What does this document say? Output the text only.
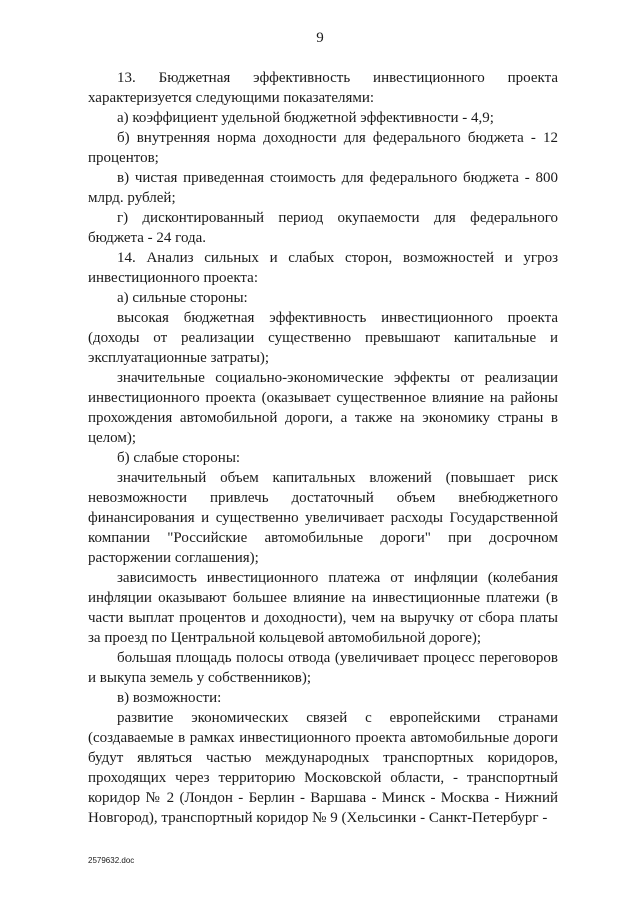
9

13. Бюджетная эффективность инвестиционного проекта характеризуется следующими показателями:

а) коэффициент удельной бюджетной эффективности - 4,9;

б) внутренняя норма доходности для федерального бюджета - 12 процентов;

в) чистая приведенная стоимость для федерального бюджета - 800 млрд. рублей;

г) дисконтированный период окупаемости для федерального бюджета - 24 года.

14. Анализ сильных и слабых сторон, возможностей и угроз инвестиционного проекта:

а) сильные стороны:

высокая бюджетная эффективность инвестиционного проекта (доходы от реализации существенно превышают капитальные и эксплуатационные затраты);

значительные социально-экономические эффекты от реализации инвестиционного проекта (оказывает существенное влияние на районы прохождения автомобильной дороги, а также на экономику страны в целом);

б) слабые стороны:

значительный объем капитальных вложений (повышает риск невозможности привлечь достаточный объем внебюджетного финансирования и существенно увеличивает расходы Государственной компании "Российские автомобильные дороги" при досрочном расторжении соглашения);

зависимость инвестиционного платежа от инфляции (колебания инфляции оказывают большее влияние на инвестиционные платежи (в части выплат процентов и доходности), чем на выручку от сбора платы за проезд по Центральной кольцевой автомобильной дороге);

большая площадь полосы отвода (увеличивает процесс переговоров и выкупа земель у собственников);

в) возможности:

развитие экономических связей с европейскими странами (создаваемые в рамках инвестиционного проекта автомобильные дороги будут являться частью международных транспортных коридоров, проходящих через территорию Московской области, - транспортный коридор № 2 (Лондон - Берлин - Варшава - Минск - Москва - Нижний Новгород), транспортный коридор № 9 (Хельсинки - Санкт-Петербург -

2579632.doc
